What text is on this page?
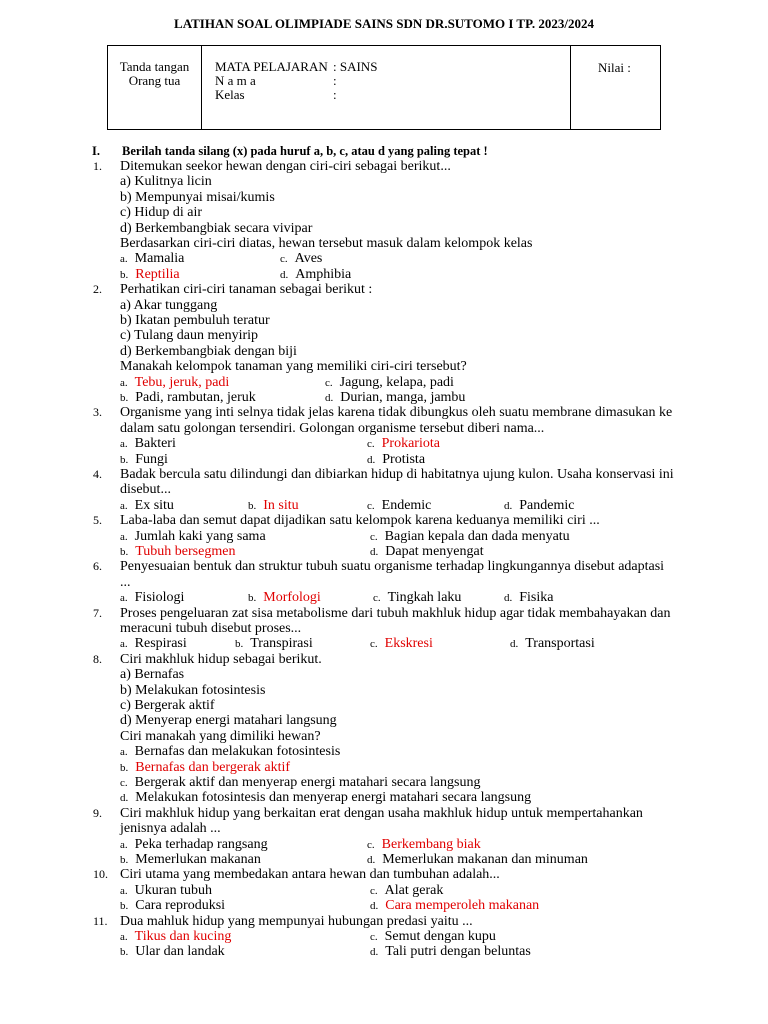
LATIHAN SOAL OLIMPIADE SAINS SDN DR.SUTOMO I TP. 2023/2024
Tanda tangan
Orang tua
MATA PELAJARAN : SAINS
N a m a	:
Kelas	:
Nilai :
I. Berilah tanda silang (x) pada huruf a, b, c, atau d yang paling tepat !
1. Ditemukan seekor hewan dengan ciri-ciri sebagai berikut...
a) Kulitnya licin
b) Mempunyai misai/kumis
c) Hidup di air
d) Berkembangbiak secara vivipar
Berdasarkan ciri-ciri diatas, hewan tersebut masuk dalam kelompok kelas
a. Mamalia	c. Aves
b. Reptilia	d. Amphibia
2. Perhatikan ciri-ciri tanaman sebagai berikut :
a) Akar tunggang
b) Ikatan pembuluh teratur
c) Tulang daun menyirip
d) Berkembangbiak dengan biji
Manakah kelompok tanaman yang memiliki ciri-ciri tersebut?
a. Tebu, jeruk, padi	c. Jagung, kelapa, padi
b. Padi, rambutan, jeruk	d. Durian, manga, jambu
3. Organisme yang inti selnya tidak jelas karena tidak dibungkus oleh suatu membrane dimasukan ke dalam satu golongan tersendiri. Golongan organisme tersebut diberi nama...
a. Bakteri	c. Prokariota
b. Fungi	d. Protista
4. Badak bercula satu dilindungi dan dibiarkan hidup di habitatnya ujung kulon. Usaha konservasi ini disebut...
a. Ex situ	b. In situ	c. Endemic	d. Pandemic
5. Laba-laba dan semut dapat dijadikan satu kelompok karena keduanya memiliki ciri ...
a. Jumlah kaki yang sama	c. Bagian kepala dan dada menyatu
b. Tubuh bersegmen	d. Dapat menyengat
6. Penyesuaian bentuk dan struktur tubuh suatu organisme terhadap lingkungannya disebut adaptasi ...
a. Fisiologi	b. Morfologi	c. Tingkah laku	d. Fisika
7. Proses pengeluaran zat sisa metabolisme dari tubuh makhluk hidup agar tidak membahayakan dan meracuni tubuh disebut proses...
a. Respirasi	b. Transpirasi	c. Ekskresi	d. Transportasi
8. Ciri makhluk hidup sebagai berikut.
a) Bernafas
b) Melakukan fotosintesis
c) Bergerak aktif
d) Menyerap energi matahari langsung
Ciri manakah yang dimiliki hewan?
a. Bernafas dan melakukan fotosintesis
b. Bernafas dan bergerak aktif
c. Bergerak aktif dan menyerap energi matahari secara langsung
d. Melakukan fotosintesis dan menyerap energi matahari secara langsung
9. Ciri makhluk hidup yang berkaitan erat dengan usaha makhluk hidup untuk mempertahankan jenisnya adalah ...
a. Peka terhadap rangsang	c. Berkembang biak
b. Memerlukan makanan	d. Memerlukan makanan dan minuman
10. Ciri utama yang membedakan antara hewan dan tumbuhan adalah...
a. Ukuran tubuh	c. Alat gerak
b. Cara reproduksi	d. Cara memperoleh makanan
11. Dua mahluk hidup yang mempunyai hubungan predasi yaitu ...
a. Tikus dan kucing	c. Semut dengan kupu
b. Ular dan landak	d. Tali putri dengan beluntas
